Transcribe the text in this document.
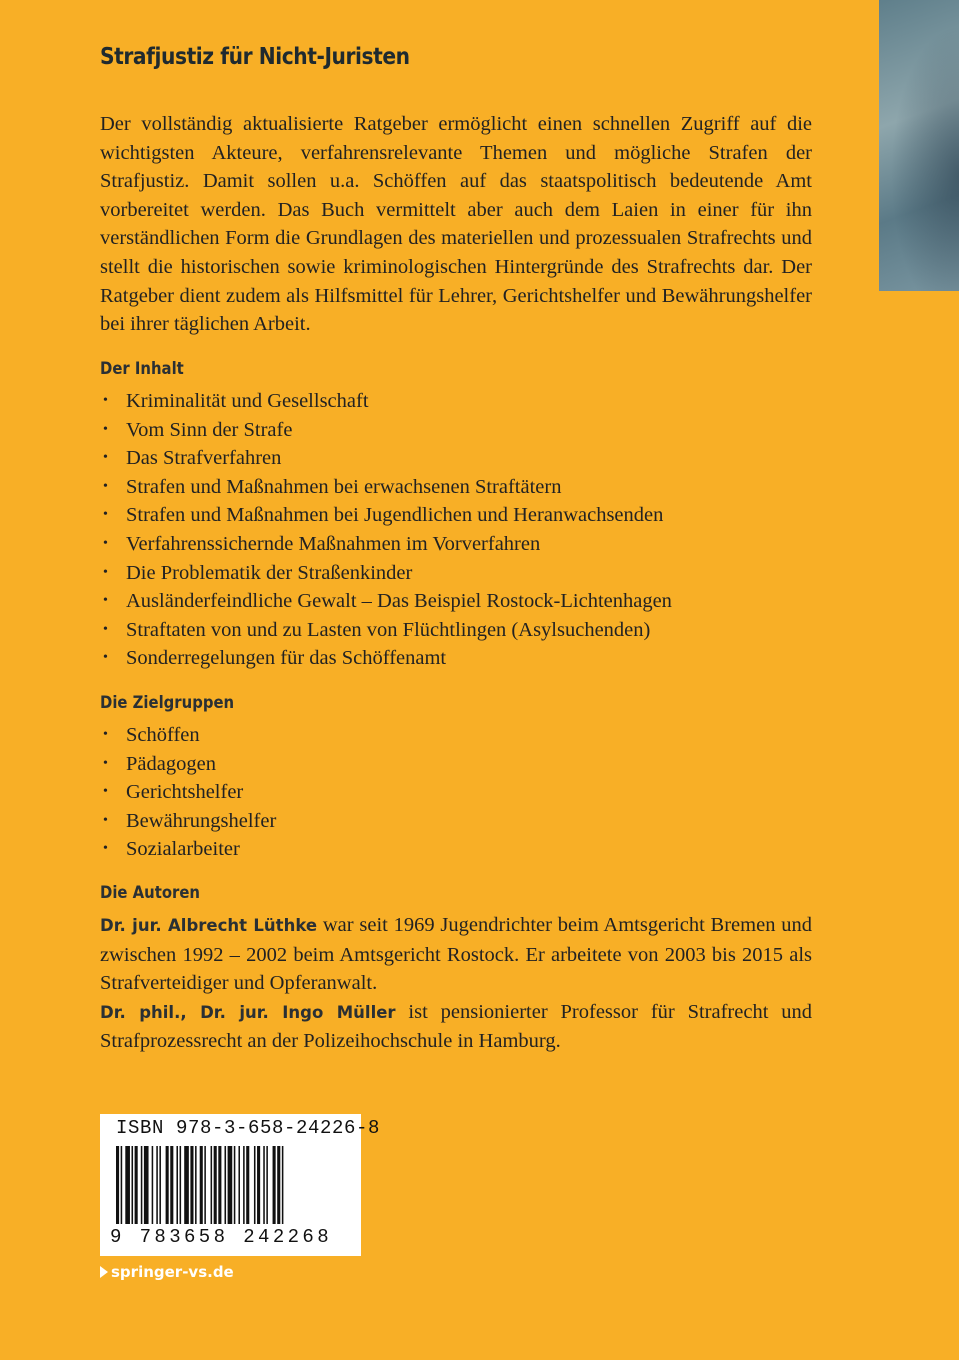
Strafjustiz für Nicht-Juristen

Der vollständig aktualisierte Ratgeber ermöglicht einen schnellen Zugriff auf die wichtigsten Akteure, verfahrensrelevante Themen und mögliche Strafen der Strafjustiz. Damit sollen u.a. Schöffen auf das staatspolitisch bedeutende Amt vorbereitet werden. Das Buch vermittelt aber auch dem Laien in einer für ihn verständlichen Form die Grundlagen des materiellen und prozessualen Strafrechts und stellt die historischen sowie kriminologischen Hintergründe des Strafrechts dar. Der Ratgeber dient zudem als Hilfsmittel für Lehrer, Gerichtshelfer und Bewährungshelfer bei ihrer täglichen Arbeit.

Der Inhalt
• Kriminalität und Gesellschaft
• Vom Sinn der Strafe
• Das Strafverfahren
• Strafen und Maßnahmen bei erwachsenen Straftätern
• Strafen und Maßnahmen bei Jugendlichen und Heranwachsenden
• Verfahrenssichernde Maßnahmen im Vorverfahren
• Die Problematik der Straßenkinder
• Ausländerfeindliche Gewalt – Das Beispiel Rostock-Lichtenhagen
• Straftaten von und zu Lasten von Flüchtlingen (Asylsuchenden)
• Sonderregelungen für das Schöffenamt
Die Zielgruppen
• Schöffen
• Pädagogen
• Gerichtshelfer
• Bewährungshelfer
• Sozialarbeiter
Die Autoren

Dr. jur. Albrecht Lüthke war seit 1969 Jugendrichter beim Amtsgericht Bremen und zwischen 1992 – 2002 beim Amtsgericht Rostock. Er arbeitete von 2003 bis 2015 als Strafverteidiger und Opferanwalt.

Dr. phil., Dr. jur. Ingo Müller ist pensionierter Professor für Strafrecht und Strafprozessrecht an der Polizeihochschule in Hamburg.

ISBN 978-3-658-24226-8
9 783658 242268

springer-vs.de
